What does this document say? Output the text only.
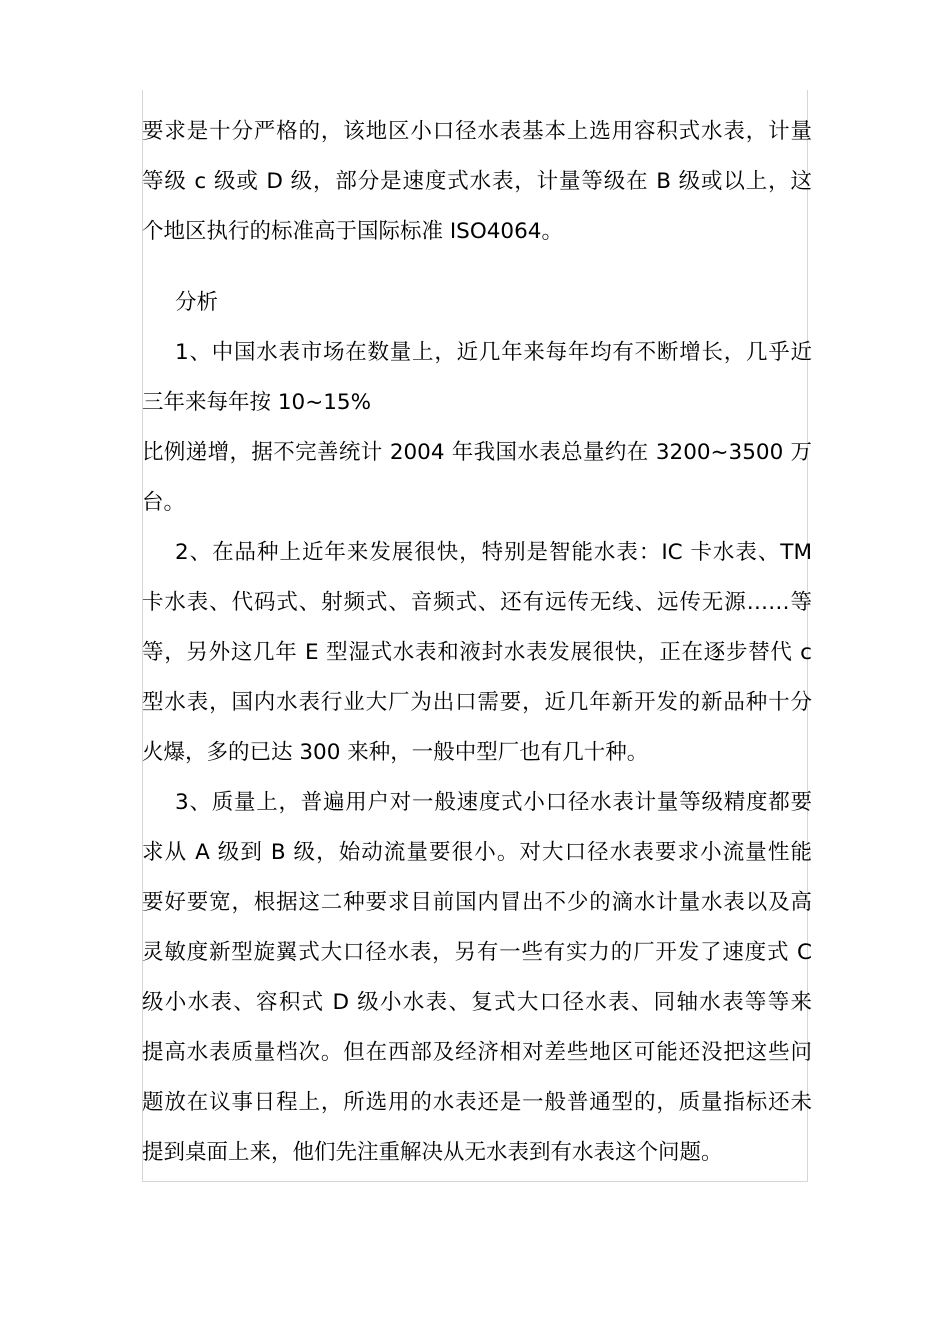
要求是十分严格的，该地区小口径水表基本上选用容积式水表，计量
等级 c 级或 D 级，部分是速度式水表，计量等级在 B 级或以上，这
个地区执行的标准高于国际标准 ISO4064。
分析
1、中国水表市场在数量上，近几年来每年均有不断增长，几乎近
三年来每年按 10~15%
比例递增，据不完善统计 2004 年我国水表总量约在 3200~3500 万
台。
2、在品种上近年来发展很快，特别是智能水表：IC 卡水表、TM
卡水表、代码式、射频式、音频式、还有远传无线、远传无源……等
等，另外这几年 E 型湿式水表和液封水表发展很快，正在逐步替代 c
型水表，国内水表行业大厂为出口需要，近几年新开发的新品种十分
火爆，多的已达 300 来种，一般中型厂也有几十种。
3、质量上，普遍用户对一般速度式小口径水表计量等级精度都要
求从 A 级到 B 级，始动流量要很小。对大口径水表要求小流量性能
要好要宽，根据这二种要求目前国内冒出不少的滴水计量水表以及高
灵敏度新型旋翼式大口径水表，另有一些有实力的厂开发了速度式 C
级小水表、容积式 D 级小水表、复式大口径水表、同轴水表等等来
提高水表质量档次。但在西部及经济相对差些地区可能还没把这些问
题放在议事日程上，所选用的水表还是一般普通型的，质量指标还未
提到桌面上来，他们先注重解决从无水表到有水表这个问题。
